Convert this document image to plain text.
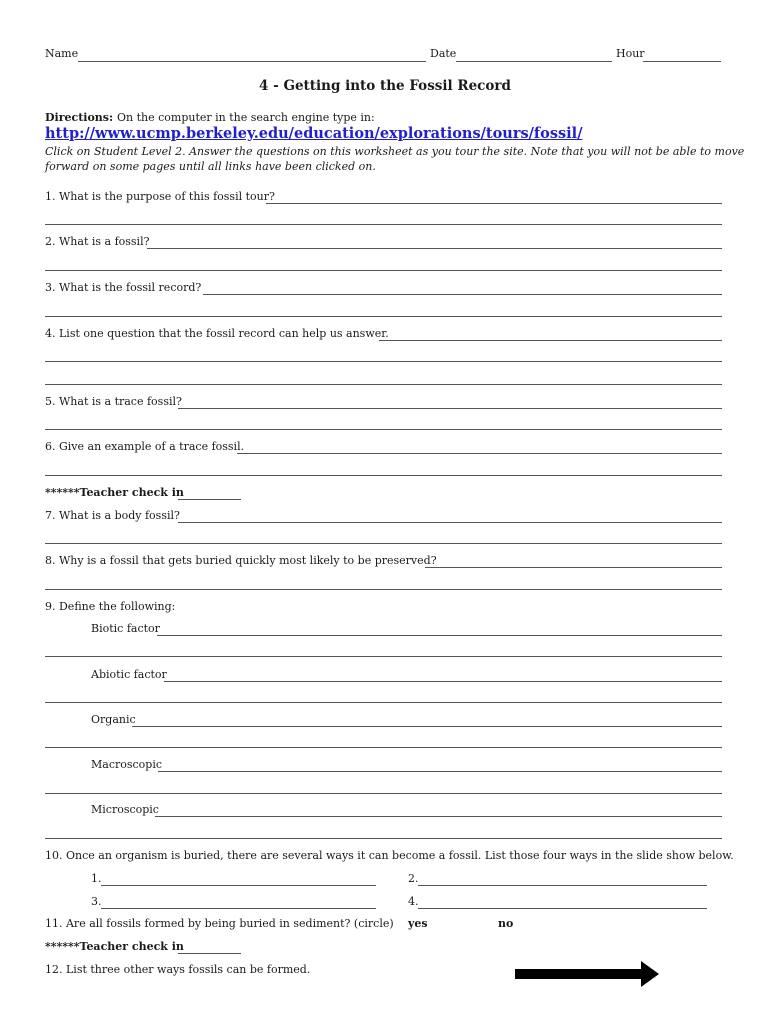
Name	Date	Hour
4 - Getting into the Fossil Record
Directions: On the computer in the search engine type in:
http://www.ucmp.berkeley.edu/education/explorations/tours/fossil/
Click on Student Level 2. Answer the questions on this worksheet as you tour the site. Note that you will not be able to move
forward on some pages until all links have been clicked on.
1. What is the purpose of this fossil tour?
2. What is a fossil?
3. What is the fossil record?
4. List one question that the fossil record can help us answer.
5. What is a trace fossil?
6. Give an example of a trace fossil.
******Teacher check in
7. What is a body fossil?
8. Why is a fossil that gets buried quickly most likely to be preserved?
9. Define the following:
Biotic factor
Abiotic factor
Organic
Macroscopic
Microscopic
10. Once an organism is buried, there are several ways it can become a fossil. List those four ways in the slide show below.
1.	2.
3.	4.
11. Are all fossils formed by being buried in sediment? (circle) yes	no
******Teacher check in
12. List three other ways fossils can be formed.
